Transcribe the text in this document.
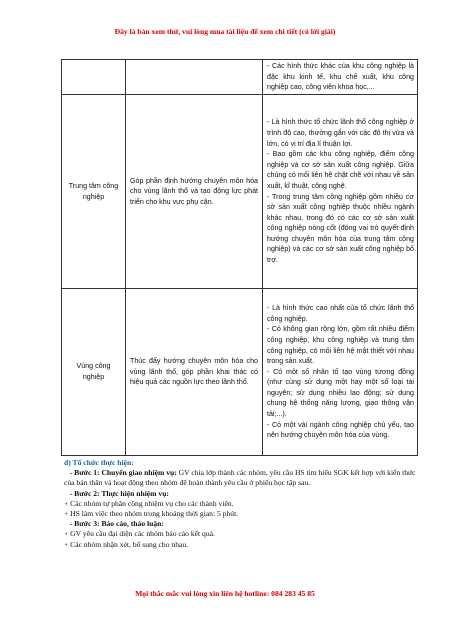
Đây là bản xem thử, vui lòng mua tài liệu để xem chi tiết (có lời giải)

		- Các hình thức khác của khu công nghiệp là đặc khu kinh tế, khu chế xuất, khu công nghiệp cao, công viên khoa học,...

Trung tâm công nghiệp	Góp phần định hướng chuyên môn hóa cho vùng lãnh thổ và tạo động lực phát triển cho khu vực phụ cận.	- Là hình thức tổ chức lãnh thổ công nghiệp ở trình độ cao, thường gắn với các đô thị vừa và lớn, có vị trí địa lí thuận lợi.

- Bao gồm các khu công nghiệp, điểm công nghiệp và cơ sở sản xuất công nghiệp. Giữa chúng có mối liên hệ chặt chẽ với nhau về sản xuất, kĩ thuật, công nghệ.

- Trong trung tâm công nghiệp gồm nhiều cơ sở sản xuất công nghiệp thuộc nhiều ngành khác nhau, trong đó có các cơ sở sản xuất công nghiệp nòng cốt (đóng vai trò quyết định hướng chuyên môn hóa của trung tâm công nghiệp) và các cơ sở sản xuất công nghiệp bổ trợ.

Vùng công nghiệp	Thúc đẩy hướng chuyên môn hóa cho vùng lãnh thổ, góp phần khai thác có hiệu quả các nguồn lực theo lãnh thổ.	- Là hình thức cao nhất của tổ chức lãnh thổ công nghiệp.

- Có không gian rộng lớn, gồm rất nhiều điểm công nghiệp, khu công nghiệp và trung tâm công nghiệp, có mối liên hệ mật thiết với nhau trong sản xuất.

- Có một số nhân tố tạo vùng tương đồng (như cùng sử dụng một hay một số loại tài nguyên; sử dụng nhiều lao động; sử dụng chung hệ thống năng lượng, giao thông vận tải;...).

- Có một vài ngành công nghiệp chủ yếu, tạo nên hướng chuyên môn hóa của vùng.

d) Tổ chức thực hiện:

- Bước 1: Chuyển giao nhiệm vụ: GV chia lớp thành các nhóm, yêu cầu HS tìm hiểu SGK kết hợp với kiến thức của bản thân và hoạt động theo nhóm để hoàn thành yêu cầu ở phiếu học tập sau.

- Bước 2: Thực hiện nhiệm vụ:

+ Các nhóm tự phân công nhiệm vụ cho các thành viên.

+ HS làm việc theo nhóm trong khoảng thời gian: 5 phút.

- Bước 3: Báo cáo, thảo luận:

+ GV yêu cầu đại diện các nhóm báo cáo kết quả.

+ Các nhóm nhận xét, bổ sung cho nhau.

Mọi thắc mắc vui lòng xin liên hệ hotline: 084 283 45 85
